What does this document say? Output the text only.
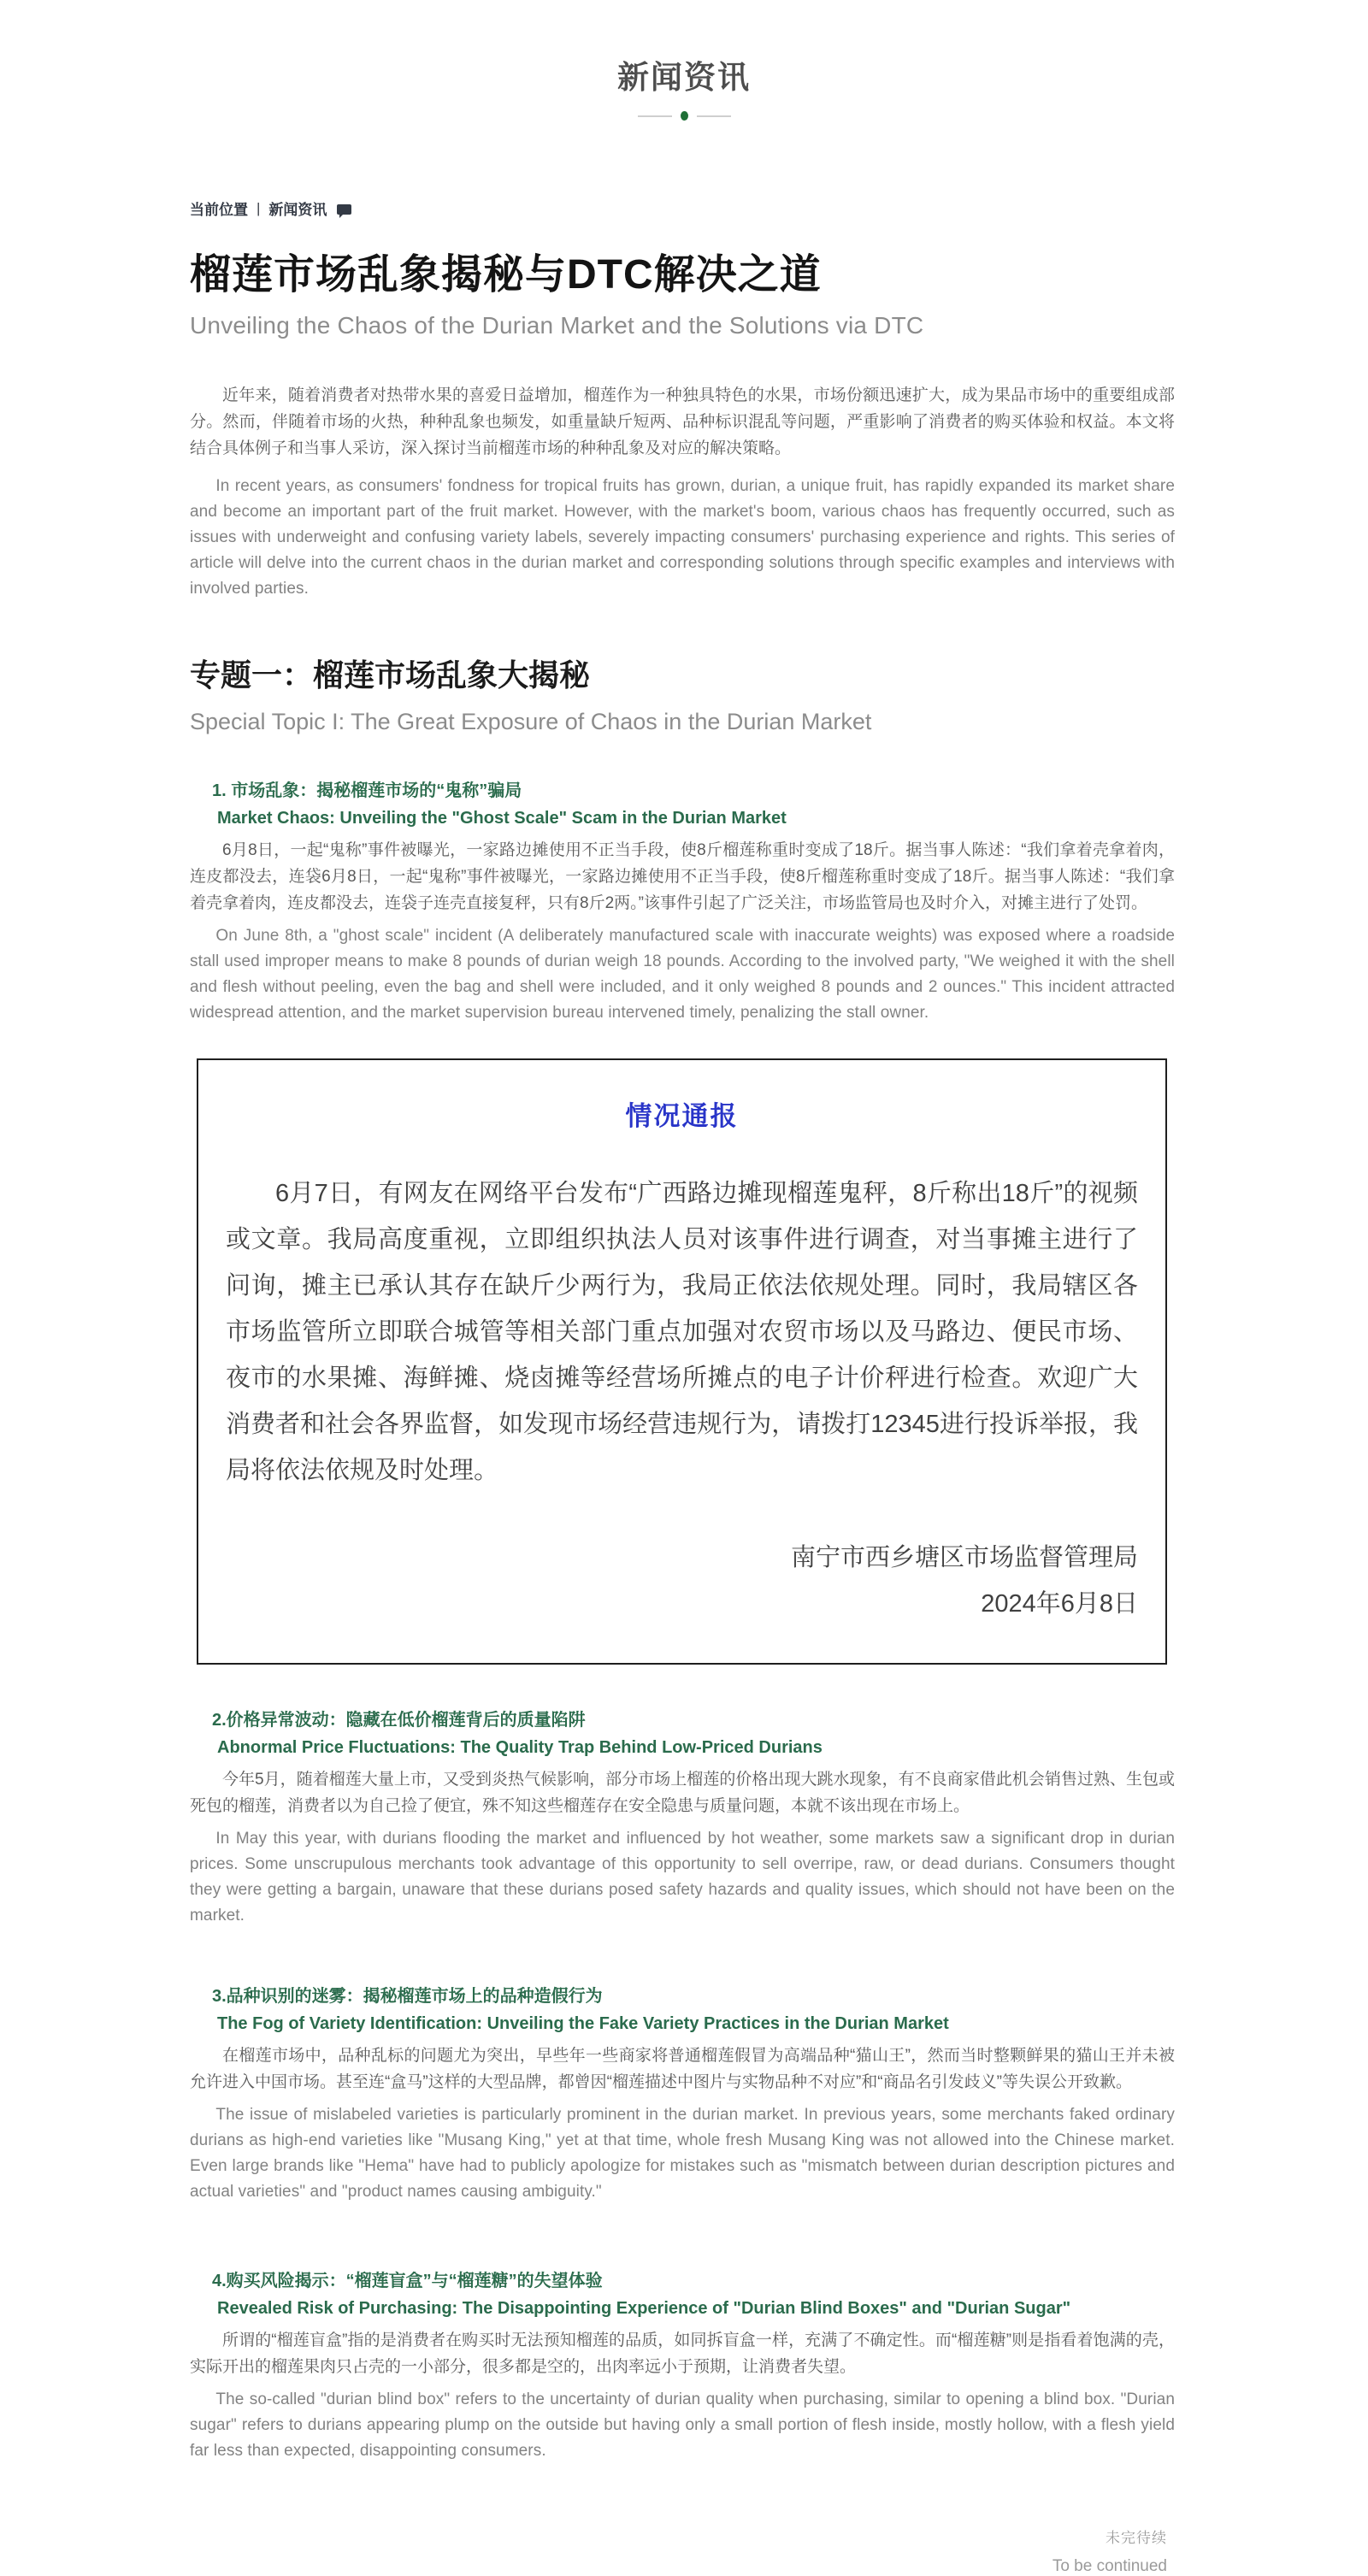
新闻资讯
当前位置 | 新闻资讯
榴莲市场乱象揭秘与DTC解决之道
Unveiling the Chaos of the Durian Market and the Solutions via DTC

近年来，随着消费者对热带水果的喜爱日益增加，榴莲作为一种独具特色的水果，市场份额迅速扩大，成为果品市场中的重要组成部分。然而，伴随着市场的火热，种种乱象也频发，如重量缺斤短两、品种标识混乱等问题，严重影响了消费者的购买体验和权益。本文将结合具体例子和当事人采访，深入探讨当前榴莲市场的种种乱象及对应的解决策略。

In recent years, as consumers' fondness for tropical fruits has grown, durian, a unique fruit, has rapidly expanded its market share and become an important part of the fruit market. However, with the market's boom, various chaos has frequently occurred, such as issues with underweight and confusing variety labels, severely impacting consumers' purchasing experience and rights. This series of article will delve into the current chaos in the durian market and corresponding solutions through specific examples and interviews with involved parties.

专题一：榴莲市场乱象大揭秘
Special Topic I: The Great Exposure of Chaos in the Durian Market
1. 市场乱象：揭秘榴莲市场的“鬼称”骗局
Market Chaos: Unveiling the "Ghost Scale" Scam in the Durian Market

6月8日，一起“鬼称”事件被曝光，一家路边摊使用不正当手段，使8斤榴莲称重时变成了18斤。据当事人陈述：“我们拿着壳拿着肉，连皮都没去，连袋6月8日，一起“鬼称”事件被曝光，一家路边摊使用不正当手段，使8斤榴莲称重时变成了18斤。据当事人陈述：“我们拿着壳拿着肉，连皮都没去，连袋子连壳直接复秤，只有8斤2两。”该事件引起了广泛关注，市场监管局也及时介入，对摊主进行了处罚。

On June 8th, a "ghost scale" incident (A deliberately manufactured scale with inaccurate weights) was exposed where a roadside stall used improper means to make 8 pounds of durian weigh 18 pounds. According to the involved party, "We weighed it with the shell and flesh without peeling, even the bag and shell were included, and it only weighed 8 pounds and 2 ounces." This incident attracted widespread attention, and the market supervision bureau intervened timely, penalizing the stall owner.

情况通报

6月7日，有网友在网络平台发布“广西路边摊现榴莲鬼秤，8斤称出18斤”的视频或文章。我局高度重视，立即组织执法人员对该事件进行调查，对当事摊主进行了问询，摊主已承认其存在缺斤少两行为，我局正依法依规处理。同时，我局辖区各市场监管所立即联合城管等相关部门重点加强对农贸市场以及马路边、便民市场、夜市的水果摊、海鲜摊、烧卤摊等经营场所摊点的电子计价秤进行检查。欢迎广大消费者和社会各界监督，如发现市场经营违规行为，请拨打12345进行投诉举报，我局将依法依规及时处理。

南宁市西乡塘区市场监督管理局
2024年6月8日
2.价格异常波动：隐藏在低价榴莲背后的质量陷阱
Abnormal Price Fluctuations: The Quality Trap Behind Low-Priced Durians

今年5月，随着榴莲大量上市，又受到炎热气候影响，部分市场上榴莲的价格出现大跳水现象，有不良商家借此机会销售过熟、生包或死包的榴莲，消费者以为自己捡了便宜，殊不知这些榴莲存在安全隐患与质量问题，本就不该出现在市场上。

In May this year, with durians flooding the market and influenced by hot weather, some markets saw a significant drop in durian prices. Some unscrupulous merchants took advantage of this opportunity to sell overripe, raw, or dead durians. Consumers thought they were getting a bargain, unaware that these durians posed safety hazards and quality issues, which should not have been on the market.

3.品种识别的迷雾：揭秘榴莲市场上的品种造假行为
The Fog of Variety Identification: Unveiling the Fake Variety Practices in the Durian Market

在榴莲市场中，品种乱标的问题尤为突出，早些年一些商家将普通榴莲假冒为高端品种“猫山王”，然而当时整颗鲜果的猫山王并未被允许进入中国市场。甚至连“盒马”这样的大型品牌，都曾因“榴莲描述中图片与实物品种不对应”和“商品名引发歧义”等失误公开致歉。

The issue of mislabeled varieties is particularly prominent in the durian market. In previous years, some merchants faked ordinary durians as high-end varieties like "Musang King," yet at that time, whole fresh Musang King was not allowed into the Chinese market. Even large brands like "Hema" have had to publicly apologize for mistakes such as "mismatch between durian description pictures and actual varieties" and "product names causing ambiguity."

4.购买风险揭示：“榴莲盲盒”与“榴莲糖”的失望体验
Revealed Risk of Purchasing: The Disappointing Experience of "Durian Blind Boxes" and "Durian Sugar"

所谓的“榴莲盲盒”指的是消费者在购买时无法预知榴莲的品质，如同拆盲盒一样，充满了不确定性。而“榴莲糖”则是指看着饱满的壳，实际开出的榴莲果肉只占壳的一小部分，很多都是空的，出肉率远小于预期，让消费者失望。

The so-called "durian blind box" refers to the uncertainty of durian quality when purchasing, similar to opening a blind box. "Durian sugar" refers to durians appearing plump on the outside but having only a small portion of flesh inside, mostly hollow, with a flesh yield far less than expected, disappointing consumers.

未完待续
To be continued
